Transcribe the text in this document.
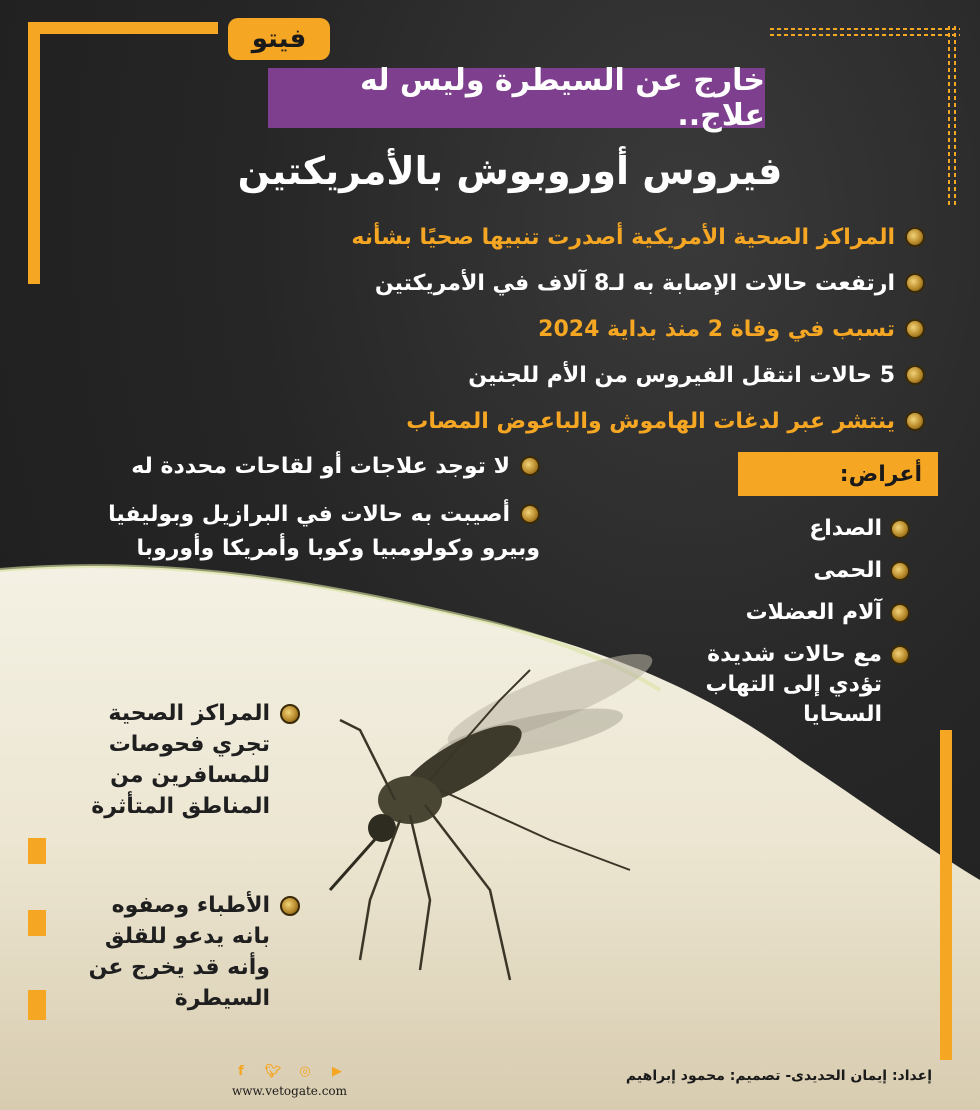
فيتو
خارج عن السيطرة وليس له علاج..
فيروس أوروبوش بالأمريكتين
المراكز الصحية الأمريكية أصدرت تنبيها صحيًا بشأنه
ارتفعت حالات الإصابة به لـ8 آلاف في الأمريكتين
تسبب في وفاة 2 منذ بداية 2024
5 حالات انتقل الفيروس من الأم للجنين
ينتشر عبر لدغات الهاموش والباعوض المصاب
لا توجد علاجات أو لقاحات محددة له
أصيبت به حالات في البرازيل وبوليفيا
وبيرو وكولومبيا وكوبا وأمريكا وأوروبا
أعراض:
الصداع
الحمى
آلام العضلات
مع حالات شديدة
تؤدي إلى التهاب
السحايا
المراكز الصحية
تجري فحوصات
للمسافرين من
المناطق المتأثرة
الأطباء وصفوه
بانه يدعو للقلق
وأنه قد يخرج عن
السيطرة
f	🐦︎ ◎	▶
www.vetogate.com
إعداد: إيمان الحديدى- تصميم: محمود إبراهيم
